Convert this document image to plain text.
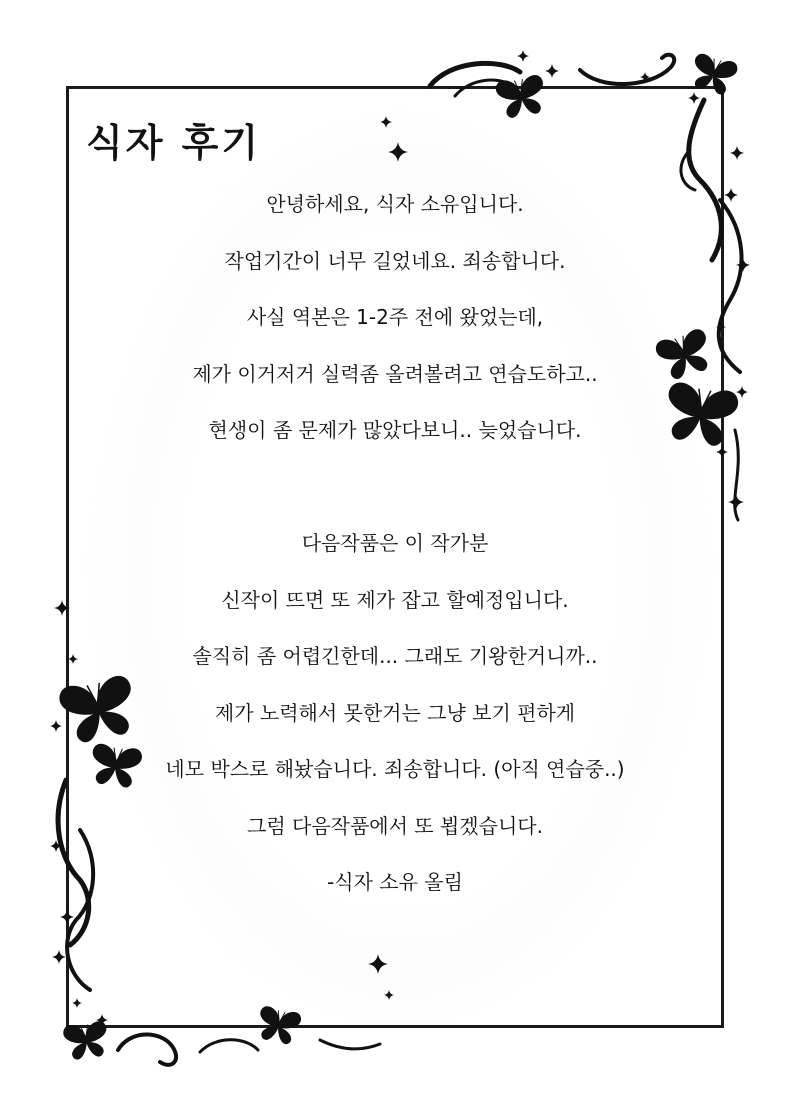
식자 후기
안녕하세요, 식자 소유입니다.
작업기간이 너무 길었네요. 죄송합니다.
사실 역본은 1-2주 전에 왔었는데,
제가 이거저거 실력좀 올려볼려고 연습도하고..
현생이 좀 문제가 많았다보니.. 늦었습니다.
다음작품은 이 작가분
신작이 뜨면 또 제가 잡고 할예정입니다.
솔직히 좀 어렵긴한데... 그래도 기왕한거니까..
제가 노력해서 못한거는 그냥 보기 편하게
네모 박스로 해놨습니다. 죄송합니다. (아직 연습중..)
그럼 다음작품에서 또 뵙겠습니다.
-식자 소유 올림
